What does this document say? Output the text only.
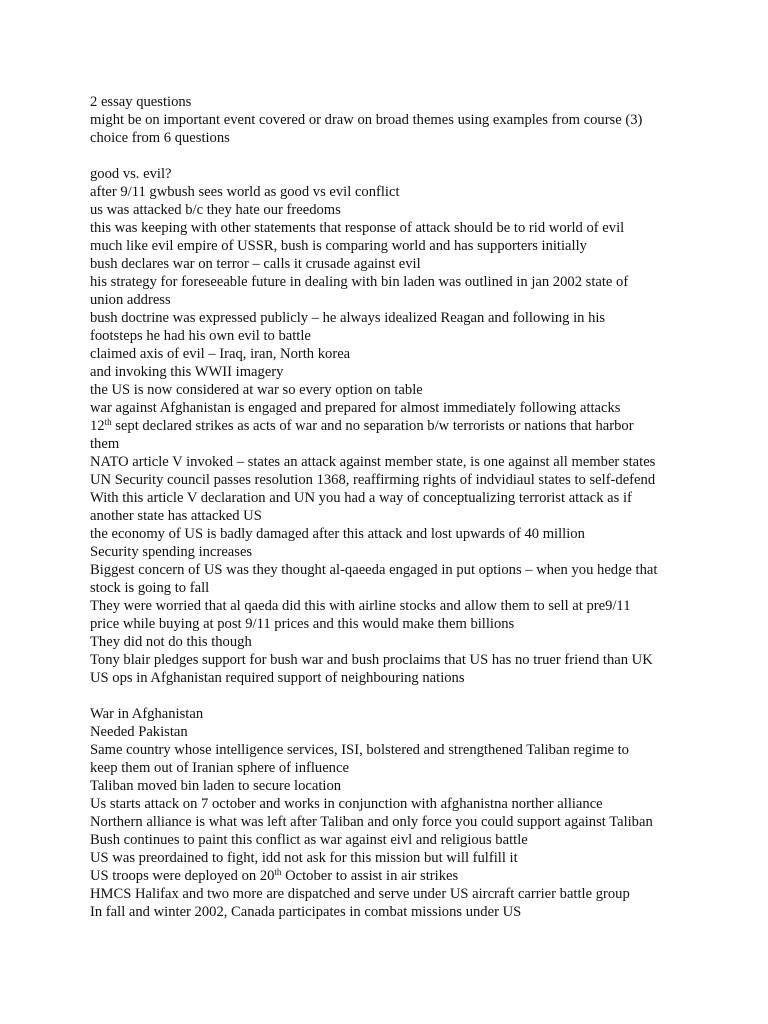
2 essay questions
might be on important event covered or draw on broad themes using examples from course (3)
choice from 6 questions
good vs. evil?
after 9/11 gwbush sees world as good vs evil conflict
us was attacked b/c they hate our freedoms
this was keeping with other statements that response of attack should be to rid world of evil
much like evil empire of USSR, bush is comparing world and has supporters initially
bush declares war on terror – calls it crusade against evil
his strategy for foreseeable future in dealing with bin laden was outlined in jan 2002 state of
union address
bush doctrine was expressed publicly – he always idealized Reagan and following in his
footsteps he had his own evil to battle
claimed axis of evil – Iraq, iran, North korea
and invoking this WWII imagery
the US is now considered at war so every option on table
war against Afghanistan is engaged and prepared for almost immediately following attacks
12th sept declared strikes as acts of war and no separation b/w terrorists or nations that harbor
them
NATO article V invoked – states an attack against member state, is one against all member states
UN Security council passes resolution 1368, reaffirming rights of indvidiaul states to self-defend
With this article V declaration and UN you had a way of conceptualizing terrorist attack as if
another state has attacked US
the economy of US is badly damaged after this attack and lost upwards of 40 million
Security spending increases
Biggest concern of US was they thought al-qaeeda engaged in put options – when you hedge that
stock is going to fall
They were worried that al qaeda did this with airline stocks and allow them to sell at pre9/11
price while buying at post 9/11 prices and this would make them billions
They did not do this though
Tony blair pledges support for bush war and bush proclaims that US has no truer friend than UK
US ops in Afghanistan required support of neighbouring nations
War in Afghanistan
Needed Pakistan
Same country whose intelligence services, ISI, bolstered and strengthened Taliban regime to
keep them out of Iranian sphere of influence
Taliban moved bin laden to secure location
Us starts attack on 7 october and works in conjunction with afghanistna norther alliance
Northern alliance is what was left after Taliban and only force you could support against Taliban
Bush continues to paint this conflict as war against eivl and religious battle
US was preordained to fight, idd not ask for this mission but will fulfill it
US troops were deployed on 20th October to assist in air strikes
HMCS Halifax and two more are dispatched and serve under US aircraft carrier battle group
In fall and winter 2002, Canada participates in combat missions under US
